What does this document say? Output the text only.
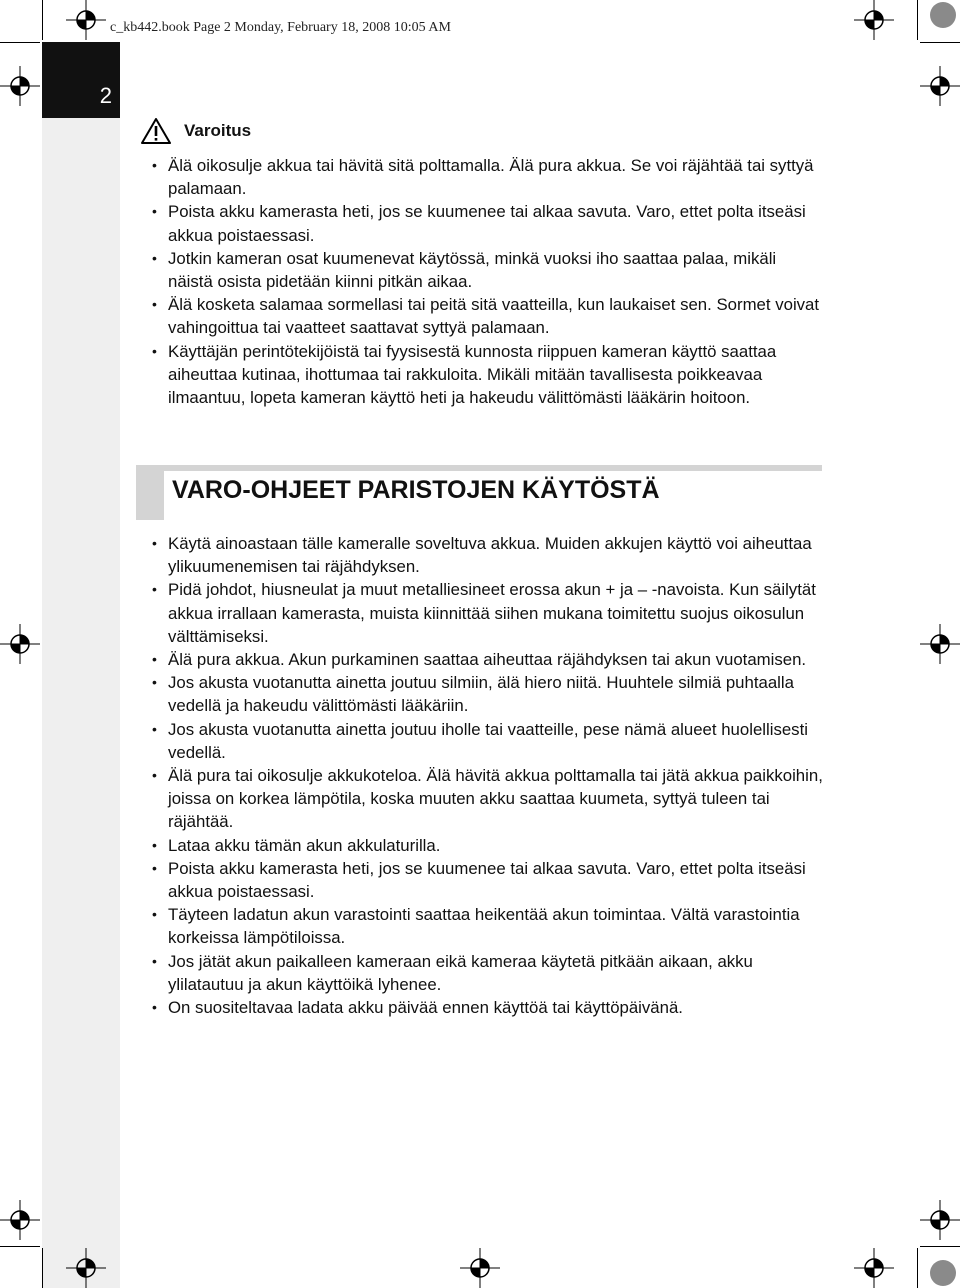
2
c_kb442.book Page 2 Monday, February 18, 2008 10:05 AM
Varoitus
• Älä oikosulje akkua tai hävitä sitä polttamalla. Älä pura akkua. Se voi räjähtää tai syttyä palamaan.
• Poista akku kamerasta heti, jos se kuumenee tai alkaa savuta. Varo, ettet polta itseäsi akkua poistaessasi.
• Jotkin kameran osat kuumenevat käytössä, minkä vuoksi iho saattaa palaa, mikäli näistä osista pidetään kiinni pitkän aikaa.
• Älä kosketa salamaa sormellasi tai peitä sitä vaatteilla, kun laukaiset sen. Sormet voivat vahingoittua tai vaatteet saattavat syttyä palamaan.
• Käyttäjän perintötekijöistä tai fyysisestä kunnosta riippuen kameran käyttö saattaa aiheuttaa kutinaa, ihottumaa tai rakkuloita. Mikäli mitään tavallisesta poikkeavaa ilmaantuu, lopeta kameran käyttö heti ja hakeudu välittömästi lääkärin hoitoon.
VARO-OHJEET PARISTOJEN KÄYTÖSTÄ
• Käytä ainoastaan tälle kameralle soveltuva akkua. Muiden akkujen käyttö voi aiheuttaa ylikuumenemisen tai räjähdyksen.
• Pidä johdot, hiusneulat ja muut metalliesineet erossa akun + ja – -navoista. Kun säilytät akkua irrallaan kamerasta, muista kiinnittää siihen mukana toimitettu suojus oikosulun välttämiseksi.
• Älä pura akkua. Akun purkaminen saattaa aiheuttaa räjähdyksen tai akun vuotamisen.
• Jos akusta vuotanutta ainetta joutuu silmiin, älä hiero niitä. Huuhtele silmiä puhtaalla vedellä ja hakeudu välittömästi lääkäriin.
• Jos akusta vuotanutta ainetta joutuu iholle tai vaatteille, pese nämä alueet huolellisesti vedellä.
• Älä pura tai oikosulje akkukoteloa. Älä hävitä akkua polttamalla tai jätä akkua paikkoihin, joissa on korkea lämpötila, koska muuten akku saattaa kuumeta, syttyä tuleen tai räjähtää.
• Lataa akku tämän akun akkulaturilla.
• Poista akku kamerasta heti, jos se kuumenee tai alkaa savuta. Varo, ettet polta itseäsi akkua poistaessasi.
• Täyteen ladatun akun varastointi saattaa heikentää akun toimintaa. Vältä varastointia korkeissa lämpötiloissa.
• Jos jätät akun paikalleen kameraan eikä kameraa käytetä pitkään aikaan, akku ylilatautuu ja akun käyttöikä lyhenee.
• On suositeltavaa ladata akku päivää ennen käyttöä tai käyttöpäivänä.
